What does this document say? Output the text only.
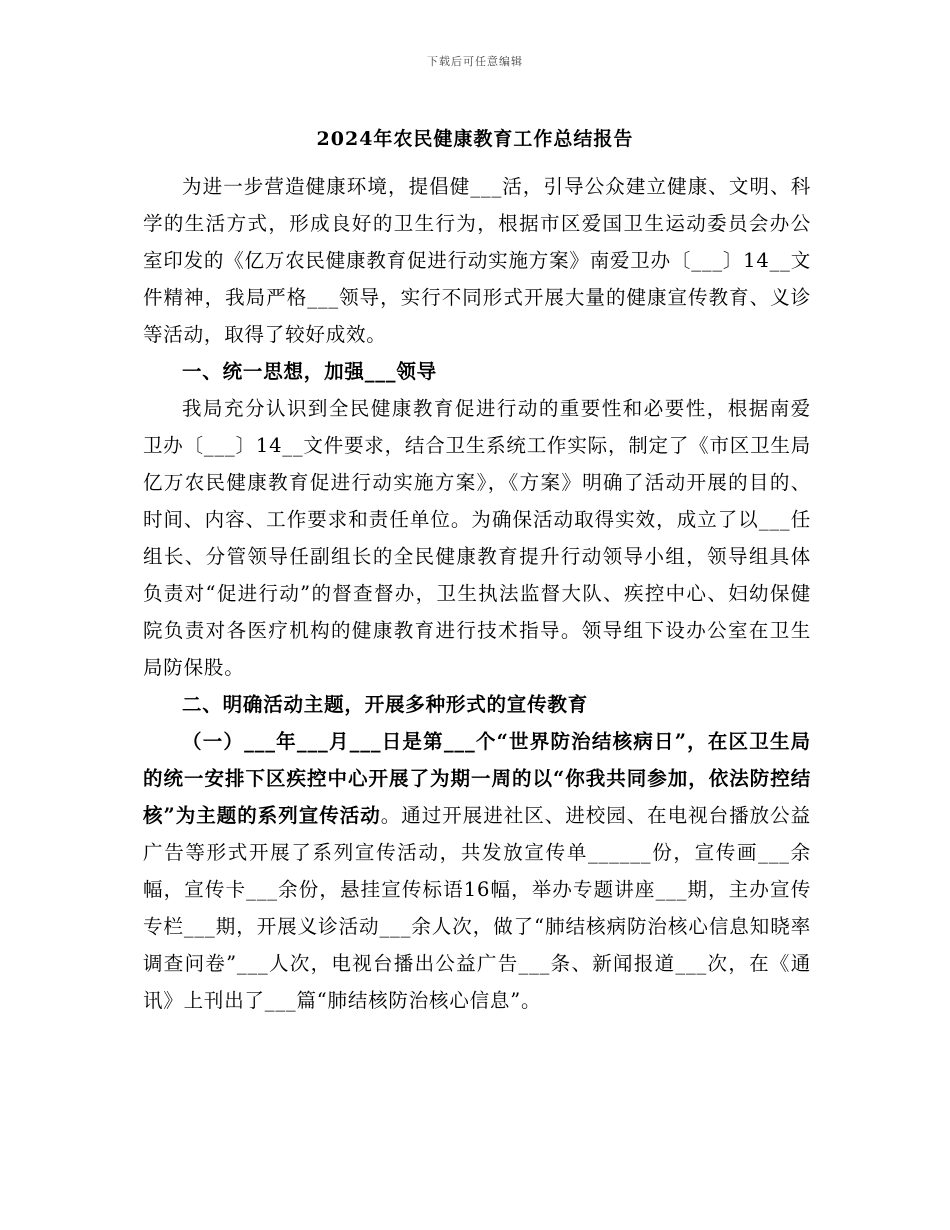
下载后可任意编辑
2024年农民健康教育工作总结报告

为进一步营造健康环境，提倡健___活，引导公众建立健康、文明、科学的生活方式，形成良好的卫生行为，根据市区爱国卫生运动委员会办公室印发的《亿万农民健康教育促进行动实施方案》南爱卫办〔___〕14__文件精神，我局严格___领导，实行不同形式开展大量的健康宣传教育、义诊等活动，取得了较好成效。

一、统一思想，加强___领导

我局充分认识到全民健康教育促进行动的重要性和必要性，根据南爱卫办〔___〕14__文件要求，结合卫生系统工作实际，制定了《市区卫生局亿万农民健康教育促进行动实施方案》，《方案》明确了活动开展的目的、时间、内容、工作要求和责任单位。为确保活动取得实效，成立了以___任组长、分管领导任副组长的全民健康教育提升行动领导小组，领导组具体负责对“促进行动”的督查督办，卫生执法监督大队、疾控中心、妇幼保健院负责对各医疗机构的健康教育进行技术指导。领导组下设办公室在卫生局防保股。

二、明确活动主题，开展多种形式的宣传教育

（一）___年___月___日是第___个“世界防治结核病日”，在区卫生局的统一安排下区疾控中心开展了为期一周的以“你我共同参加，依法防控结核”为主题的系列宣传活动。通过开展进社区、进校园、在电视台播放公益广告等形式开展了系列宣传活动，共发放宣传单______份，宣传画___余幅，宣传卡___余份，悬挂宣传标语16幅，举办专题讲座___期，主办宣传专栏___期，开展义诊活动___余人次，做了“肺结核病防治核心信息知晓率调查问卷”___人次，电视台播出公益广告___条、新闻报道___次，在《通讯》上刊出了___篇“肺结核防治核心信息”。
